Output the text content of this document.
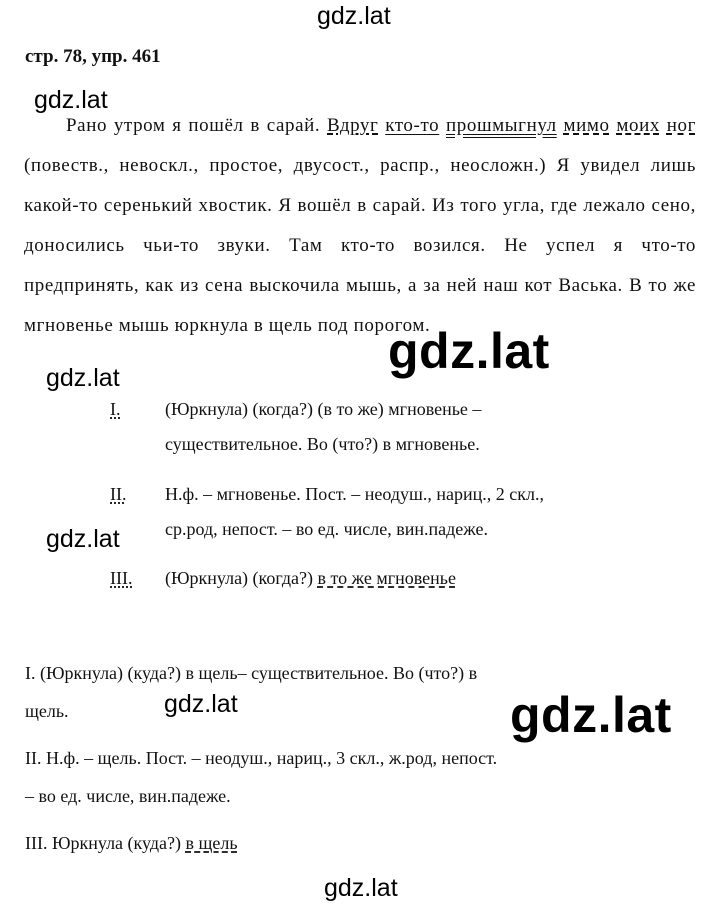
gdz.lat
gdz.lat
gdz.lat
gdz.lat
gdz.lat
gdz.lat	gdz.lat
gdz.lat
стр. 78, упр. 461

Рано утром я пошёл в сарай. Вдруг кто-то прошмыгнул мимо моих ног (повеств., невоскл., простое, двусост., распр., неосложн.) Я увидел лишь какой-то серенький хвостик. Я вошёл в сарай. Из того угла, где лежало сено, доносились чьи-то звуки. Там кто-то возился. Не успел я что-то предпринять, как из сена выскочила мышь, а за ней наш кот Васька. В то же мгновенье мышь юркнула в щель под порогом.

I. (Юркнула) (когда?) (в то же) мгновенье –
существительное. Во (что?) в мгновенье.
II. Н.ф. – мгновенье. Пост. – неодуш., нариц., 2 скл.,
ср.род, непост. – во ед. числе, вин.падеже.
III. (Юркнула) (когда?) в то же мгновенье
I. (Юркнула) (куда?) в щель– существительное. Во (что?) в
щель.
II. Н.ф. – щель. Пост. – неодуш., нариц., 3 скл., ж.род, непост.
– во ед. числе, вин.падеже.
III. Юркнула (куда?) в щель
